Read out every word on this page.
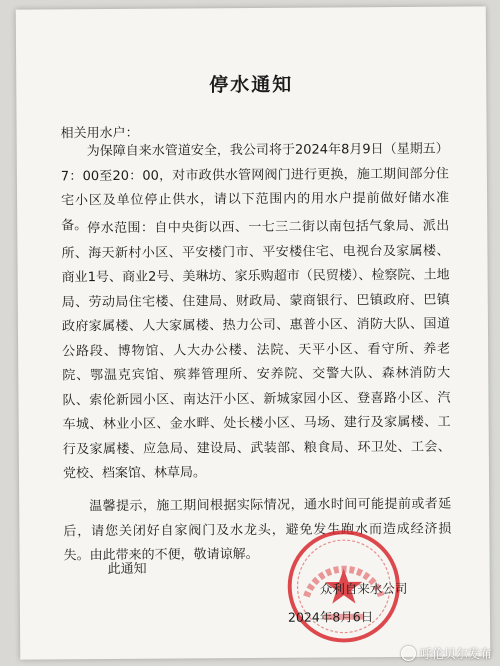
停水通知
相关用水户：
为保障自来水管道安全，我公司将于2024年8月9日（星期五）7：00至20：00，对市政供水管网阀门进行更换，施工期间部分住宅小区及单位停止供水，请以下范围内的用水户提前做好储水准备。 停水范围：自中央街以西、一七三二街以南包括气象局、派出所、海天新村小区、平安楼门市、平安楼住宅、电视台及家属楼、商业1号、商业2号、美琳坊、家乐购超市（民贸楼）、检察院、土地局、劳动局住宅楼、住建局、财政局、蒙商银行、巴镇政府、巴镇政府家属楼、人大家属楼、热力公司、惠普小区、消防大队、国道公路段、博物馆、人大办公楼、法院、天平小区、看守所、养老院、鄂温克宾馆、殡葬管理所、安养院、交警大队、森林消防大队、索伦新园小区、南达汗小区、新城家园小区、登喜路小区、汽车城、林业小区、金水畔、处长楼小区、马场、建行及家属楼、工行及家属楼、应急局、建设局、武装部、粮食局、环卫处、工会、党校、档案馆、林草局。
温馨提示，施工期间根据实际情况，通水时间可能提前或者延后，请您关闭好自家阀门及水龙头，避免发生跑水而造成经济损失。由此带来的不便，敬请谅解。
此通知
众利自来水公司
2024年8月6日
呼伦贝尔发布
